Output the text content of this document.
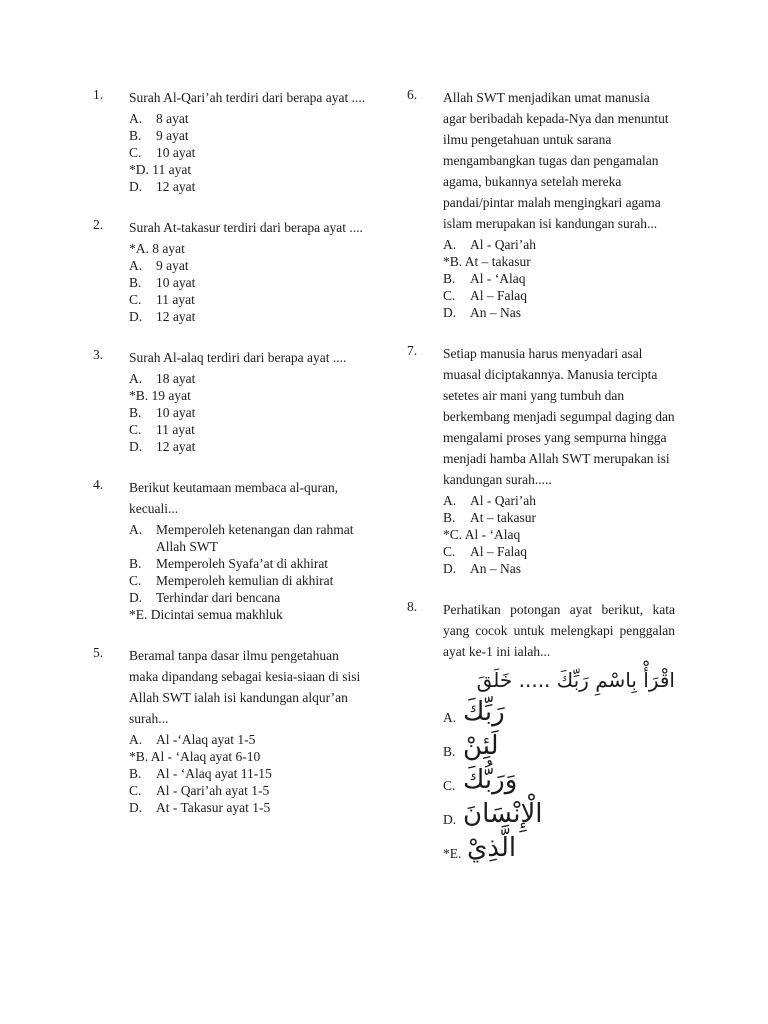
1. Surah Al-Qari’ah terdiri dari berapa ayat ....
A. 8 ayat
B. 9 ayat
C. 10 ayat
*D. 11 ayat
D. 12 ayat
2. Surah At-takasur terdiri dari berapa ayat ....
*A. 8 ayat
A. 9 ayat
B. 10 ayat
C. 11 ayat
D. 12 ayat
3. Surah Al-alaq terdiri dari berapa ayat ....
A. 18 ayat
*B. 19 ayat
B. 10 ayat
C. 11 ayat
D. 12 ayat
4. Berikut keutamaan membaca al-quran, kecuali...
A. Memperoleh ketenangan dan rahmat Allah SWT
B. Memperoleh Syafa’at di akhirat
C. Memperoleh kemulian di akhirat
D. Terhindar dari bencana
*E. Dicintai semua makhluk
5. Beramal tanpa dasar ilmu pengetahuan maka dipandang sebagai kesia-siaan di sisi Allah SWT ialah isi kandungan alqur’an surah...
A. Al -‘Alaq ayat 1-5
*B. Al - ‘Alaq ayat 6-10
B. Al - ‘Alaq ayat 11-15
C. Al - Qari’ah ayat 1-5
D. At - Takasur ayat 1-5
6. Allah SWT menjadikan umat manusia agar beribadah kepada-Nya dan menuntut ilmu pengetahuan untuk sarana mengambangkan tugas dan pengamalan agama, bukannya setelah mereka pandai/pintar malah mengingkari agama islam merupakan isi kandungan surah...
A. Al - Qari’ah
*B. At – takasur
B. Al - ‘Alaq
C. Al – Falaq
D. An – Nas
7. Setiap manusia harus menyadari asal muasal diciptakannya. Manusia tercipta setetes air mani yang tumbuh dan berkembang menjadi segumpal daging dan mengalami proses yang sempurna hingga menjadi hamba Allah SWT merupakan isi kandungan surah.....
A. Al - Qari’ah
B. At – takasur
*C. Al - ‘Alaq
C. Al – Falaq
D. An – Nas
8. Perhatikan potongan ayat berikut, kata yang cocok untuk melengkapi penggalan ayat ke-1 ini ialah...
اقْرَأْ بِاسْمِ رَبِّكَ ..... خَلَقَ
A. رَبِّكَ
B. لَئِنْ
C. وَرَبُّكَ
D. الْإِنْسَانَ
*E. الَّذِيْ
